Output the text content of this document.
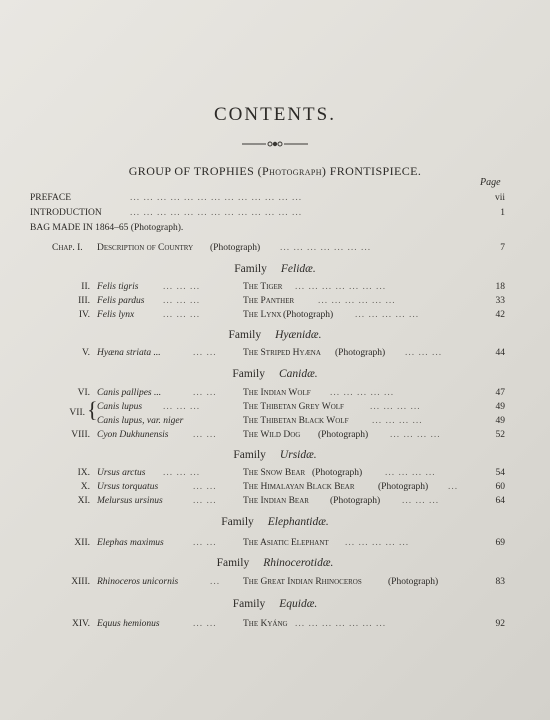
CONTENTS.
GROUP OF TROPHIES (Photograph) FRONTISPIECE.
Page
PREFACE	... ... ... ... ... ... ... ... ... ... ... ... ...	vii
INTRODUCTION	... ... ... ... ... ... ... ... ... ... ... ... ...	1
BAG MADE IN 1864–65 (Photograph).
Chap. I. Description of Country (Photograph) ... ... ... ... ... ... ...	7
Family Felidæ.
II. Felis tigris	... ... ...	The Tiger ... ... ... ... ... ... ...	18
III. Felis pardus ... ... ...	The Panther	... ... ... ... ... ...	33
IV. Felis lynx	... ... ...	The Lynx (Photograph) ... ... ... ... ...	42
Family Hyænidæ.
V. Hyæna striata ...	... ...	The Striped Hyæna (Photograph) ... ... ...	44
Family Canidæ.
VI. Canis pallipes ...	... ...	The Indian Wolf ... ... ... ... ...	47
{
VII.
Canis lupus ... ... ...	The Thibetan Grey Wolf	... ... ... ...	49
Canis lupus, var. niger	The Thibetan Black Wolf ... ... ... ...	49
VIII. Cyon Dukhunensis	... ...	The Wild Dog (Photograph) ... ... ... ...	52
Family Ursidæ.
IX. Ursus arctus ... ... ...	The Snow Bear (Photograph) ... ... ... ...	54
X. Ursus torquatus	... ...	The Himalayan Black Bear (Photograph) ...	60
XI. Melursus ursinus	... ...	The Indian Bear (Photograph) ... ... ...	64
Family Elephantidæ.
XII. Elephas maximus	... ...	The Asiatic Elephant ... ... ... ... ...	69
Family Rhinocerotidæ.
XIII. Rhinoceros unicornis	... The Great Indian Rhinoceros	(Photograph)	83
Family Equidæ.
XIV. Equus hemionus	... ...	The Kyáng ... ... ... ... ... ... ...	92
